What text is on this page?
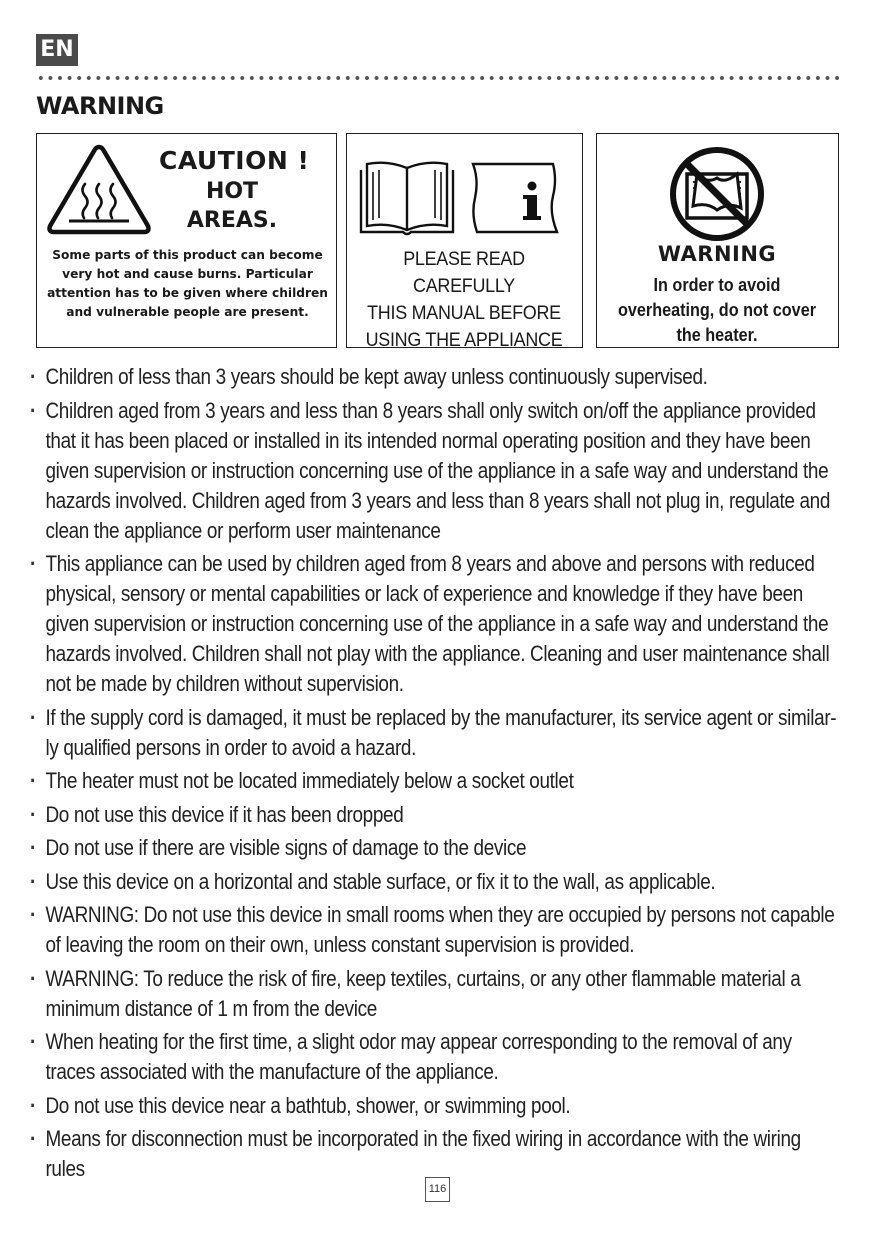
EN
WARNING
CAUTION !
HOT
AREAS.

Some parts of this product can become very hot and cause burns. Particular attention has to be given where children and vulnerable people are present.

PLEASE READ CAREFULLY
THIS MANUAL BEFORE
USING THE APPLIANCE
WARNING

In order to avoid overheating, do not cover the heater.

· Children of less than 3 years should be kept away unless continuously supervised.
· Children aged from 3 years and less than 8 years shall only switch on/off the appliance provided that it has been placed or installed in its intended normal operating position and they have been given supervision or instruction concerning use of the appliance in a safe way and understand the hazards involved. Children aged from 3 years and less than 8 years shall not plug in, regulate and clean the appliance or perform user maintenance
· This appliance can be used by children aged from 8 years and above and persons with reduced physical, sensory or mental capabilities or lack of experience and knowledge if they have been given supervision or instruction concerning use of the appliance in a safe way and understand the hazards involved. Children shall not play with the appliance. Cleaning and user maintenance shall not be made by children without supervision.
· If the supply cord is damaged, it must be replaced by the manufacturer, its service agent or similar-ly qualified persons in order to avoid a hazard.
· The heater must not be located immediately below a socket outlet
· Do not use this device if it has been dropped
· Do not use if there are visible signs of damage to the device
· Use this device on a horizontal and stable surface, or fix it to the wall, as applicable.
· WARNING: Do not use this device in small rooms when they are occupied by persons not capable of leaving the room on their own, unless constant supervision is provided.
· WARNING: To reduce the risk of fire, keep textiles, curtains, or any other flammable material a minimum distance of 1 m from the device
· When heating for the first time, a slight odor may appear corresponding to the removal of any traces associated with the manufacture of the appliance.
· Do not use this device near a bathtub, shower, or swimming pool.
· Means for disconnection must be incorporated in the fixed wiring in accordance with the wiring rules
116
